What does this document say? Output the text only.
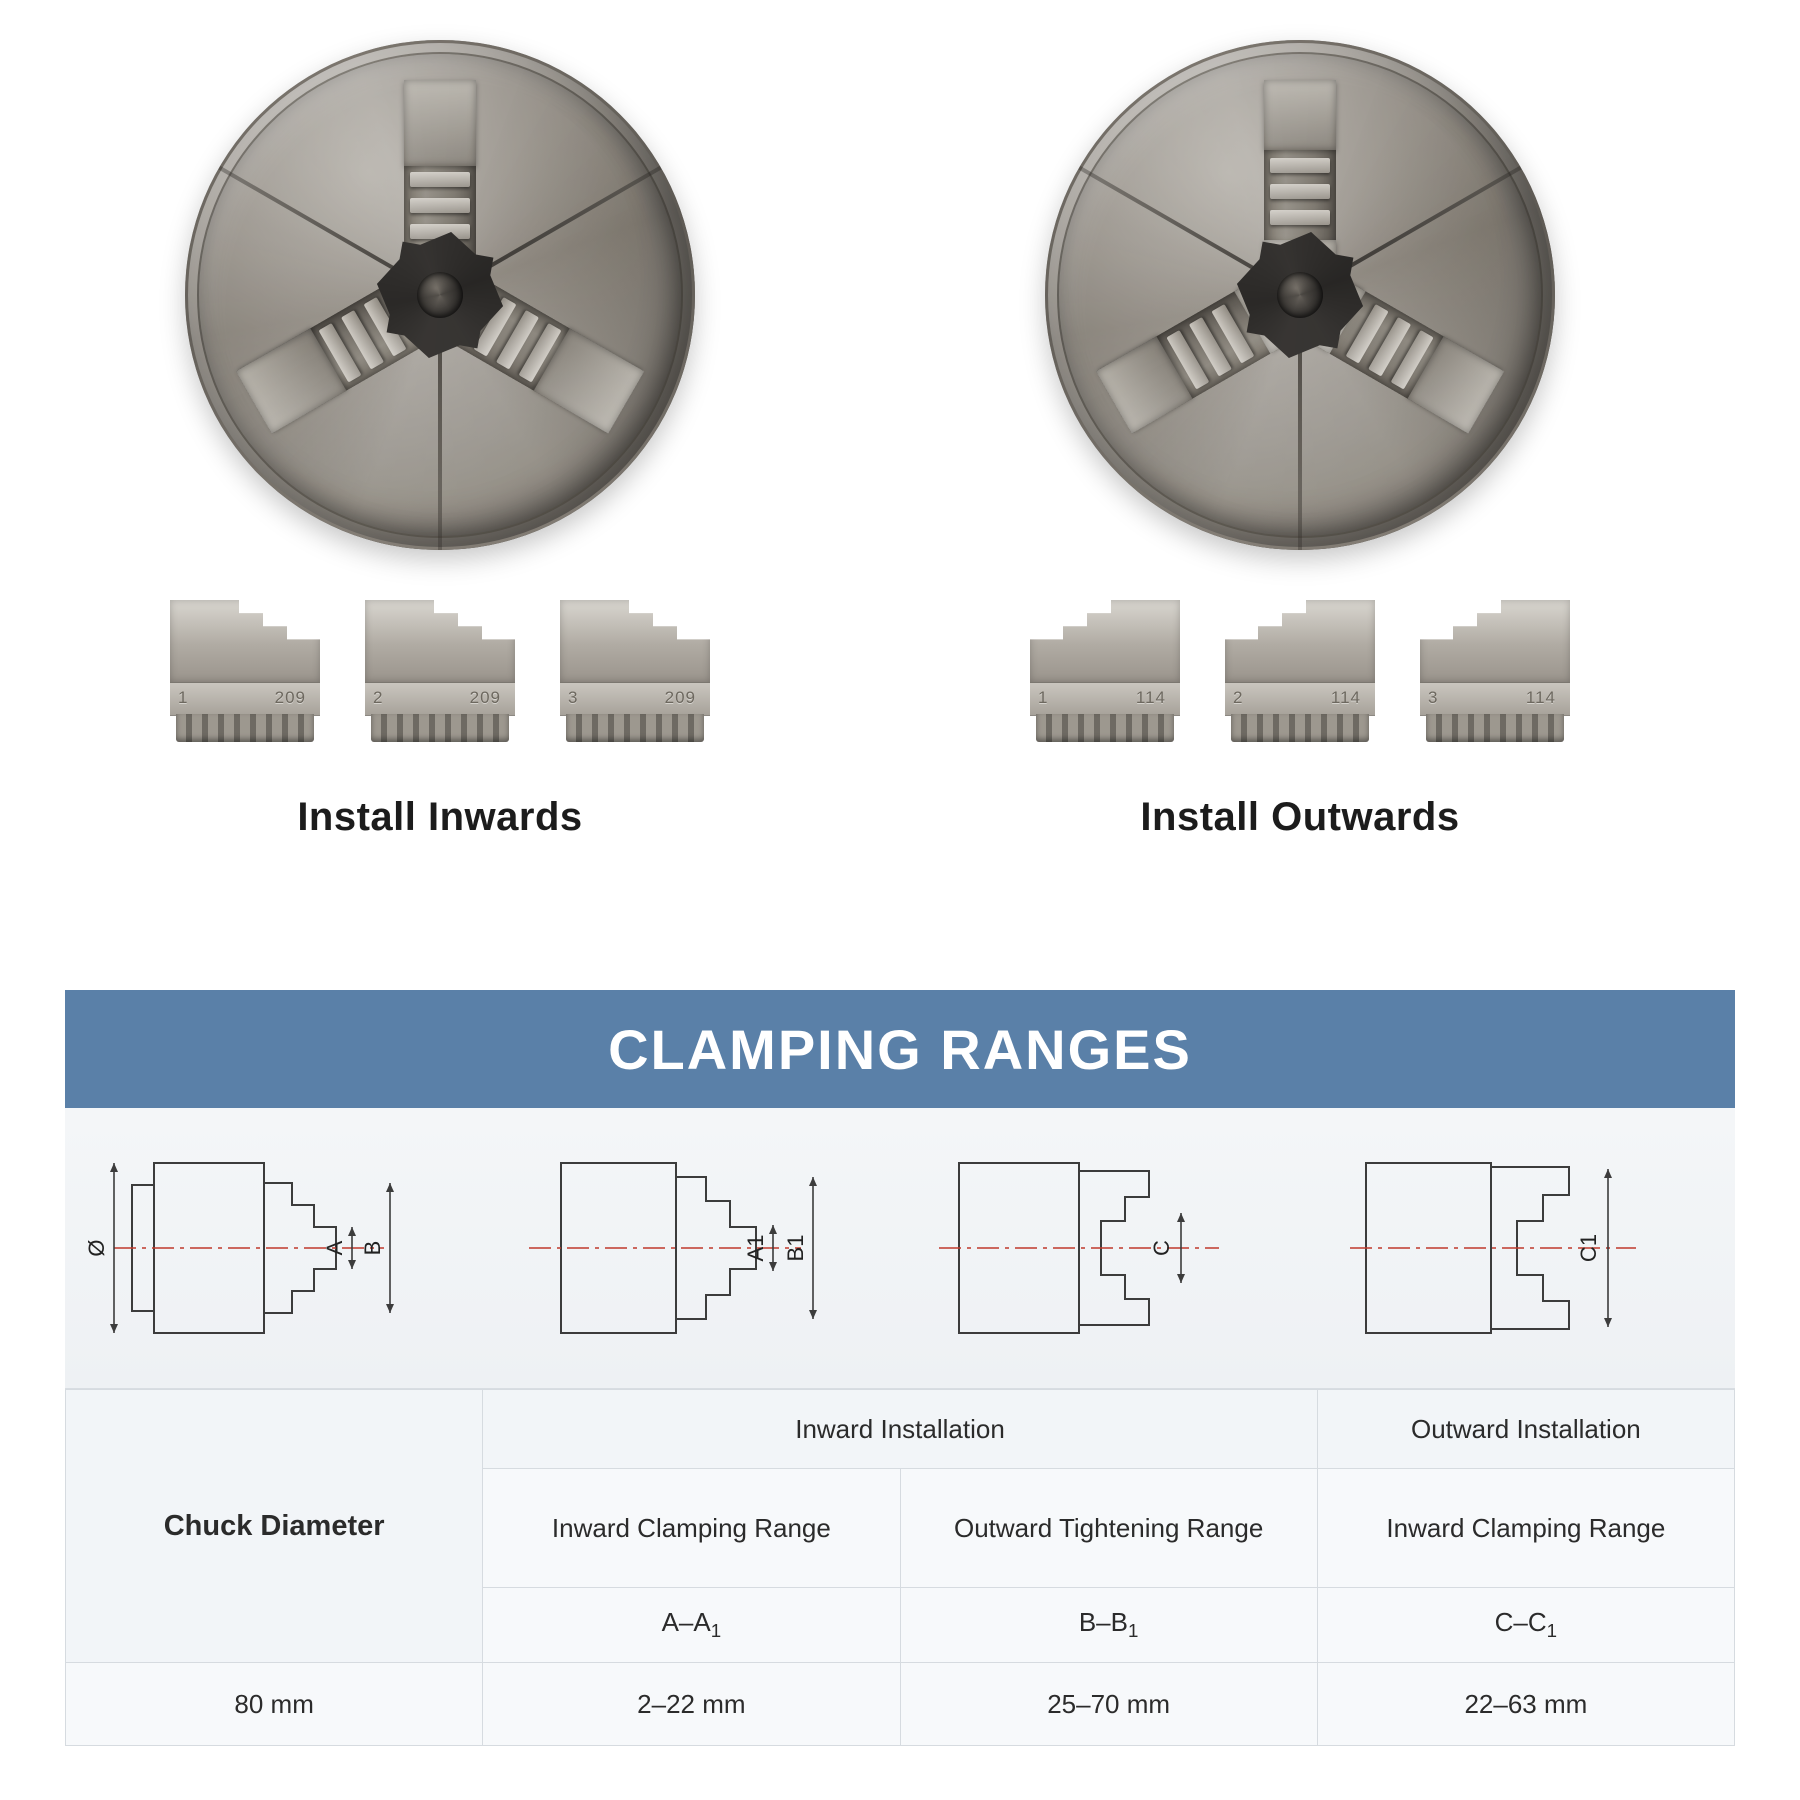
1	209	2	209	3	209
Install Inwards
1	114	2	114	3	114
Install Outwards
CLAMPING RANGES
Ø	A B	A1 B1	C	C1
Chuck Diameter	Inward Installation		Outward Installation
	Inward Clamping Range	Outward Tightening Range	Inward Clamping Range
	$A-A_1$	$B-B_1$	$C-C_1$
80 mm	2–22 mm	25–70 mm	22–63 mm
